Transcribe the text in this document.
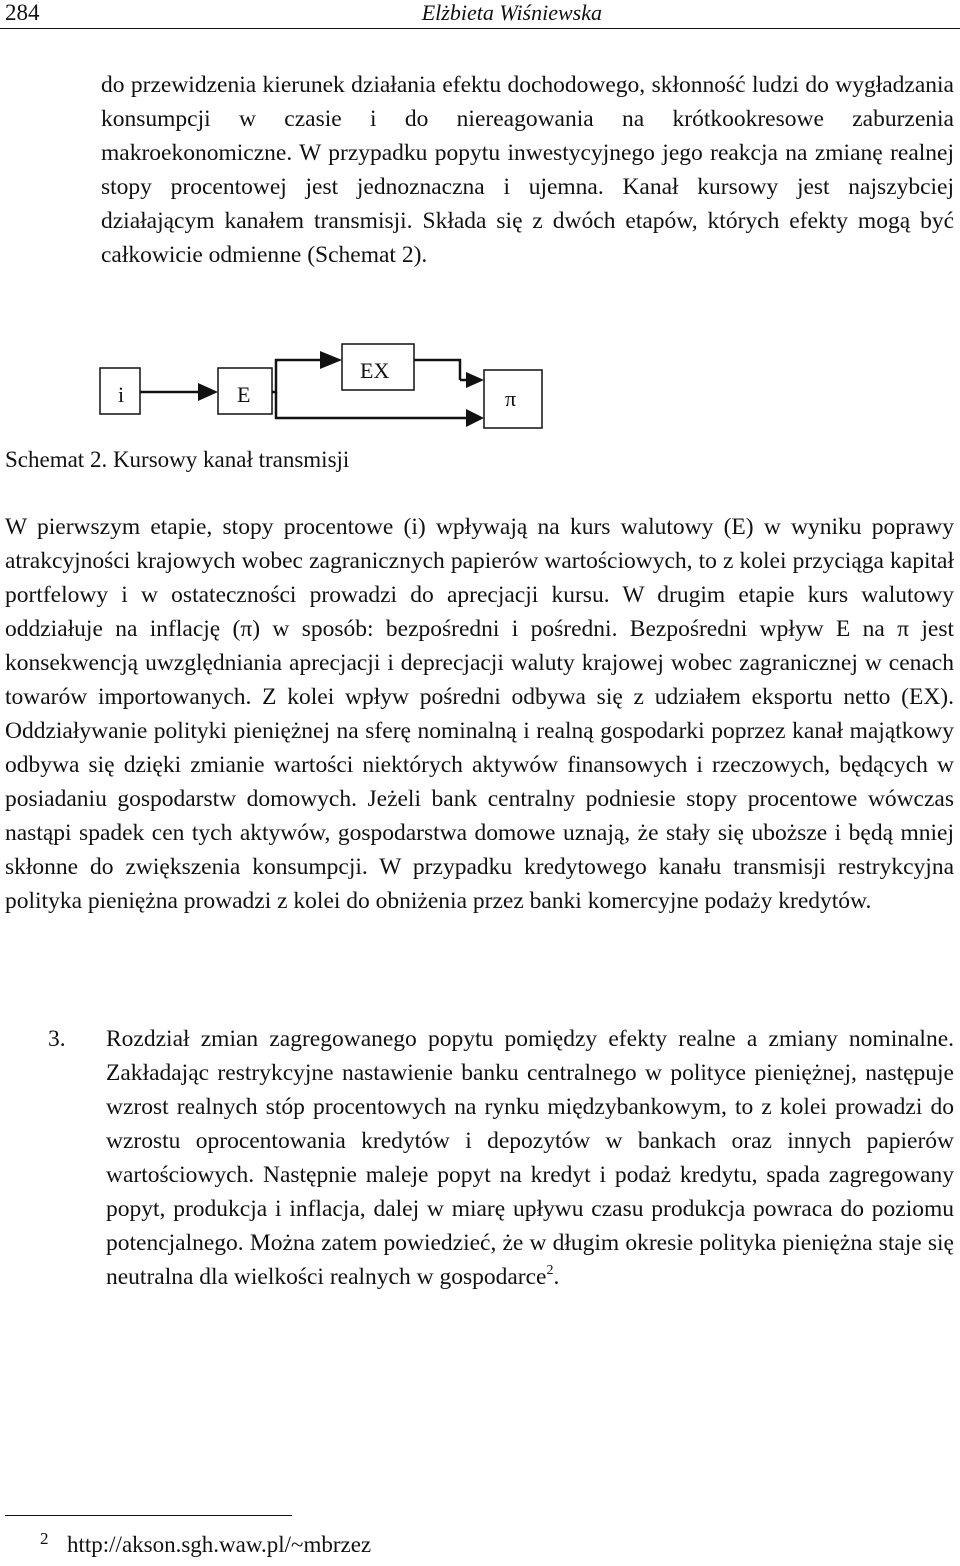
284	Elżbieta Wiśniewska

do przewidzenia kierunek działania efektu dochodowego, skłonność ludzi do wygładzania konsumpcji w czasie i do niereagowania na krótkookresowe zaburzenia makroekonomiczne. W przypadku popytu inwestycyjnego jego reakcja na zmianę realnej stopy procentowej jest jednoznaczna i ujemna. Kanał kursowy jest najszybciej działającym kanałem transmisji. Składa się z dwóch etapów, których efekty mogą być całkowicie odmienne (Schemat 2).

i	E
EX
π

Schemat 2. Kursowy kanał transmisji

W pierwszym etapie, stopy procentowe (i) wpływają na kurs walutowy (E) w wyniku poprawy atrakcyjności krajowych wobec zagranicznych papierów wartościowych, to z kolei przyciąga kapitał portfelowy i w ostateczności prowadzi do aprecjacji kursu. W drugim etapie kurs walutowy oddziałuje na inflację (π) w sposób: bezpośredni i pośredni. Bezpośredni wpływ E na π jest konsekwencją uwzględniania aprecjacji i deprecjacji waluty krajowej wobec zagranicznej w cenach towarów importowanych. Z kolei wpływ pośredni odbywa się z udziałem eksportu netto (EX). Oddziaływanie polityki pieniężnej na sferę nominalną i realną gospodarki poprzez kanał majątkowy odbywa się dzięki zmianie wartości niektórych aktywów finansowych i rzeczowych, będących w posiadaniu gospodarstw domowych. Jeżeli bank centralny podniesie stopy procentowe wówczas nastąpi spadek cen tych aktywów, gospodarstwa domowe uznają, że stały się uboższe i będą mniej skłonne do zwiększenia konsumpcji. W przypadku kredytowego kanału transmisji restrykcyjna polityka pieniężna prowadzi z kolei do obniżenia przez banki komercyjne podaży kredytów.

3. Rozdział zmian zagregowanego popytu pomiędzy efekty realne a zmiany nominalne. Zakładając restrykcyjne nastawienie banku centralnego w polityce pieniężnej, następuje wzrost realnych stóp procentowych na rynku międzybankowym, to z kolei prowadzi do wzrostu oprocentowania kredytów i depozytów w bankach oraz innych papierów wartościowych. Następnie maleje popyt na kredyt i podaż kredytu, spada zagregowany popyt, produkcja i inflacja, dalej w miarę upływu czasu produkcja powraca do poziomu potencjalnego. Można zatem powiedzieć, że w długim okresie polityka pieniężna staje się neutralna dla wielkości realnych w gospodarce$^2$.

2 http://akson.sgh.waw.pl/~mbrzez
